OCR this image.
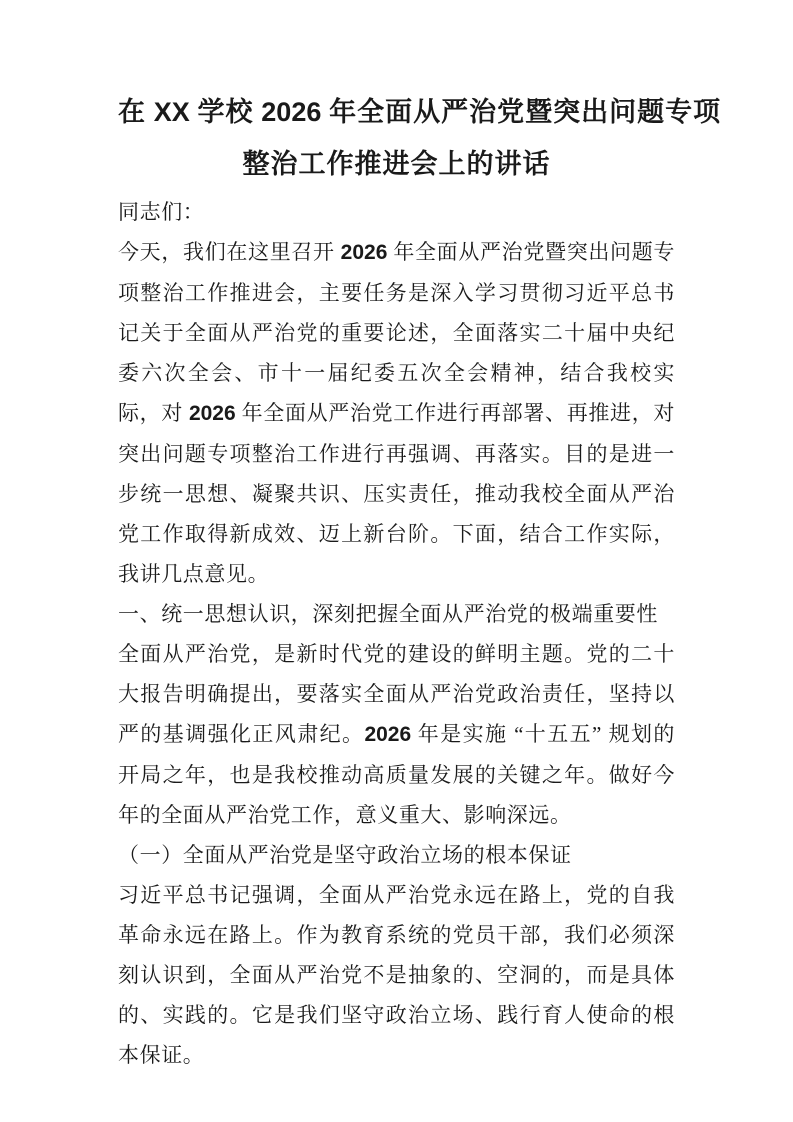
在 XX 学校 2026 年全面从严治党暨突出问题专项
整治工作推进会上的讲话

同志们：

今天，我们在这里召开 2026 年全面从严治党暨突出问题专项整治工作推进会，主要任务是深入学习贯彻习近平总书记关于全面从严治党的重要论述，全面落实二十届中央纪委六次全会、市十一届纪委五次全会精神，结合我校实际，对 2026 年全面从严治党工作进行再部署、再推进，对突出问题专项整治工作进行再强调、再落实。目的是进一步统一思想、凝聚共识、压实责任，推动我校全面从严治党工作取得新成效、迈上新台阶。下面，结合工作实际，我讲几点意见。

一、统一思想认识，深刻把握全面从严治党的极端重要性

全面从严治党，是新时代党的建设的鲜明主题。党的二十大报告明确提出，要落实全面从严治党政治责任，坚持以严的基调强化正风肃纪。2026 年是实施 “十五五” 规划的开局之年，也是我校推动高质量发展的关键之年。做好今年的全面从严治党工作，意义重大、影响深远。

（一）全面从严治党是坚守政治立场的根本保证

习近平总书记强调，全面从严治党永远在路上，党的自我革命永远在路上。作为教育系统的党员干部，我们必须深刻认识到，全面从严治党不是抽象的、空洞的，而是具体的、实践的。它是我们坚守政治立场、践行育人使命的根本保证。
